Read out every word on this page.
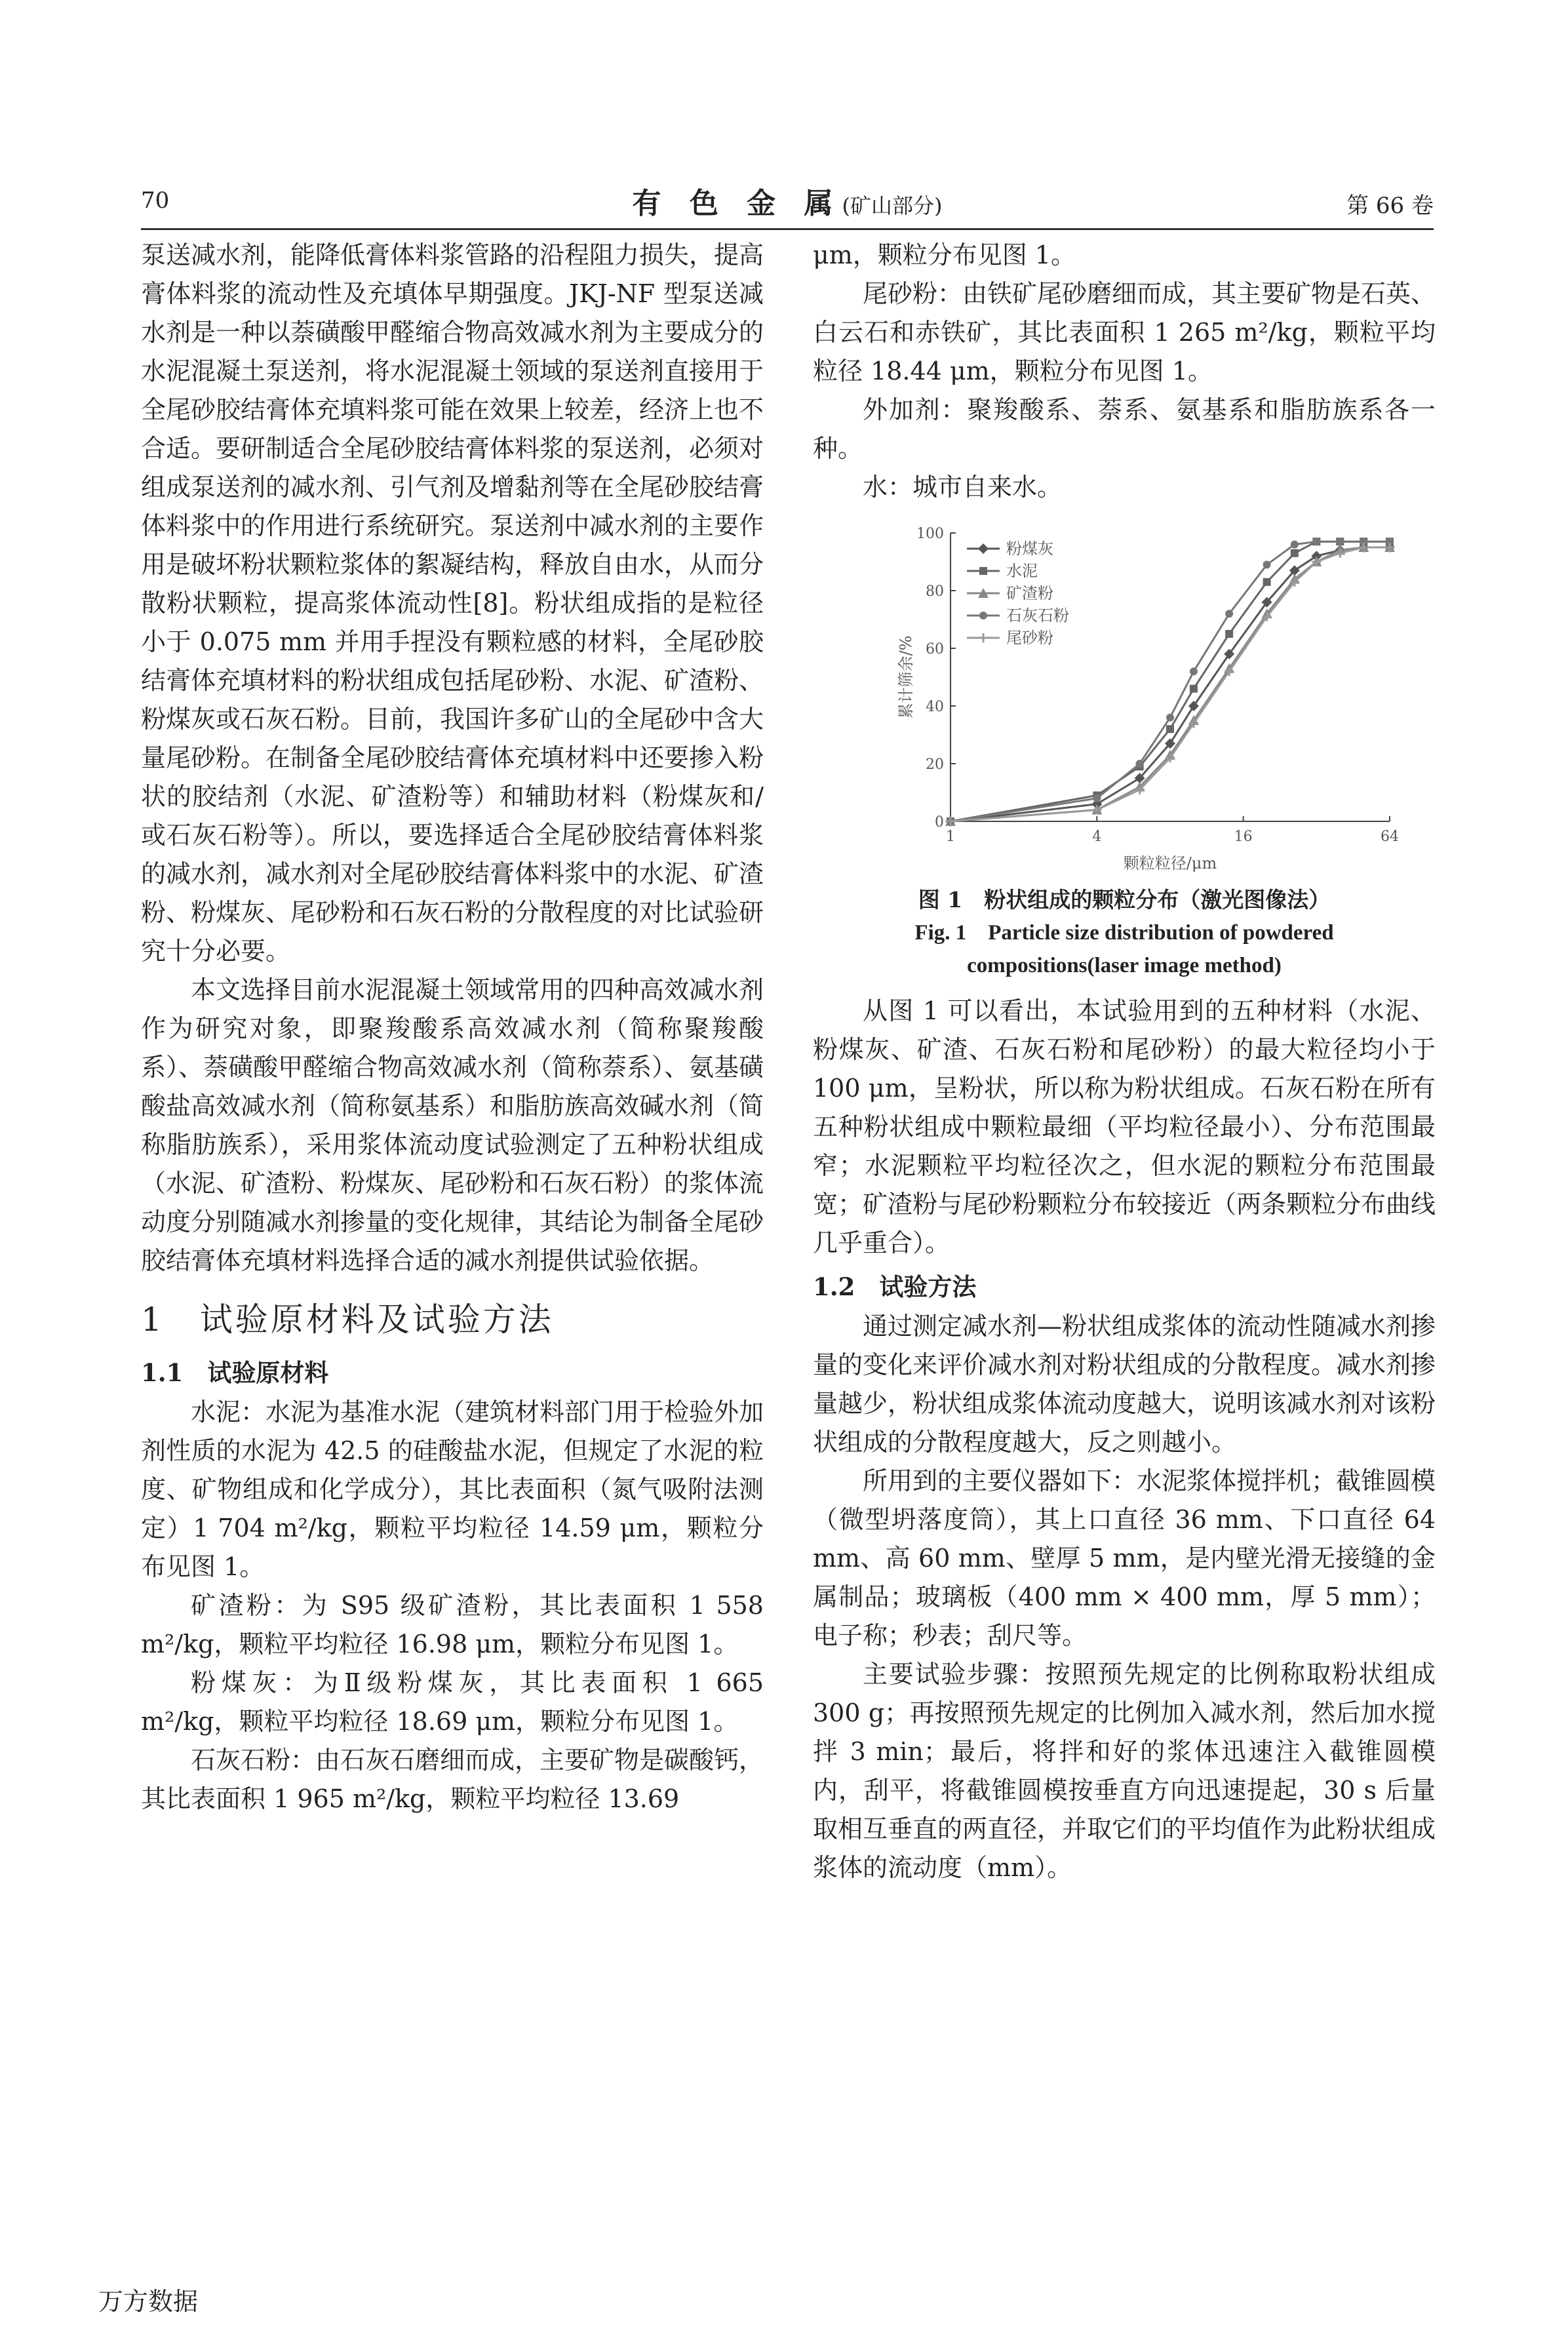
70	有 色 金 属(矿山部分)	第 66 卷

泵送减水剂，能降低膏体料浆管路的沿程阻力损失，提高膏体料浆的流动性及充填体早期强度。JKJ-NF 型泵送减水剂是一种以萘磺酸甲醛缩合物高效减水剂为主要成分的水泥混凝土泵送剂，将水泥混凝土领域的泵送剂直接用于全尾砂胶结膏体充填料浆可能在效果上较差，经济上也不合适。要研制适合全尾砂胶结膏体料浆的泵送剂，必须对组成泵送剂的减水剂、引气剂及增黏剂等在全尾砂胶结膏体料浆中的作用进行系统研究。泵送剂中减水剂的主要作用是破坏粉状颗粒浆体的絮凝结构，释放自由水，从而分散粉状颗粒，提高浆体流动性[8]。粉状组成指的是粒径小于 0.075 mm 并用手捏没有颗粒感的材料，全尾砂胶结膏体充填材料的粉状组成包括尾砂粉、水泥、矿渣粉、粉煤灰或石灰石粉。目前，我国许多矿山的全尾砂中含大量尾砂粉。在制备全尾砂胶结膏体充填材料中还要掺入粉状的胶结剂（水泥、矿渣粉等）和辅助材料（粉煤灰和/或石灰石粉等）。所以，要选择适合全尾砂胶结膏体料浆的减水剂，减水剂对全尾砂胶结膏体料浆中的水泥、矿渣粉、粉煤灰、尾砂粉和石灰石粉的分散程度的对比试验研究十分必要。

本文选择目前水泥混凝土领域常用的四种高效减水剂作为研究对象，即聚羧酸系高效减水剂（简称聚羧酸系）、萘磺酸甲醛缩合物高效减水剂（简称萘系）、氨基磺酸盐高效减水剂（简称氨基系）和脂肪族高效碱水剂（简称脂肪族系），采用浆体流动度试验测定了五种粉状组成（水泥、矿渣粉、粉煤灰、尾砂粉和石灰石粉）的浆体流动度分别随减水剂掺量的变化规律，其结论为制备全尾砂胶结膏体充填材料选择合适的减水剂提供试验依据。

1　试验原材料及试验方法
1.1　试验原材料

水泥：水泥为基准水泥（建筑材料部门用于检验外加剂性质的水泥为 42.5 的硅酸盐水泥，但规定了水泥的粒度、矿物组成和化学成分），其比表面积（氮气吸附法测定）1 704 m²/kg，颗粒平均粒径 14.59 μm，颗粒分布见图 1。

矿渣粉：为 S95 级矿渣粉，其比表面积 1 558 m²/kg，颗粒平均粒径 16.98 μm，颗粒分布见图 1。

粉煤灰：为Ⅱ级粉煤灰，其比表面积 1 665 m²/kg，颗粒平均粒径 18.69 μm，颗粒分布见图 1。

石灰石粉：由石灰石磨细而成，主要矿物是碳酸钙，其比表面积 1 965 m²/kg，颗粒平均粒径 13.69

μm，颗粒分布见图 1。

尾砂粉：由铁矿尾砂磨细而成，其主要矿物是石英、白云石和赤铁矿，其比表面积 1 265 m²/kg，颗粒平均粒径 18.44 μm，颗粒分布见图 1。

外加剂：聚羧酸系、萘系、氨基系和脂肪族系各一种。

水：城市自来水。

0
20
40
60
80
100
1	4	16	64
颗粒粒径/μm
累计筛余/%
粉煤灰
水泥
矿渣粉
石灰石粉
尾砂粉

图 1　粉状组成的颗粒分布（激光图像法）

Fig. 1　Particle size distribution of powdered

compositions(laser image method)

从图 1 可以看出，本试验用到的五种材料（水泥、粉煤灰、矿渣、石灰石粉和尾砂粉）的最大粒径均小于 100 μm，呈粉状，所以称为粉状组成。石灰石粉在所有五种粉状组成中颗粒最细（平均粒径最小）、分布范围最窄；水泥颗粒平均粒径次之，但水泥的颗粒分布范围最宽；矿渣粉与尾砂粉颗粒分布较接近（两条颗粒分布曲线几乎重合）。

1.2　试验方法

通过测定减水剂—粉状组成浆体的流动性随减水剂掺量的变化来评价减水剂对粉状组成的分散程度。减水剂掺量越少，粉状组成浆体流动度越大，说明该减水剂对该粉状组成的分散程度越大，反之则越小。

所用到的主要仪器如下：水泥浆体搅拌机；截锥圆模（微型坍落度筒），其上口直径 36 mm、下口直径 64 mm、高 60 mm、壁厚 5 mm，是内壁光滑无接缝的金属制品；玻璃板（400 mm × 400 mm，厚 5 mm）；电子称；秒表；刮尺等。

主要试验步骤：按照预先规定的比例称取粉状组成 300 g；再按照预先规定的比例加入减水剂，然后加水搅拌 3 min；最后，将拌和好的浆体迅速注入截锥圆模内，刮平，将截锥圆模按垂直方向迅速提起，30 s 后量取相互垂直的两直径，并取它们的平均值作为此粉状组成浆体的流动度（mm）。

万方数据
